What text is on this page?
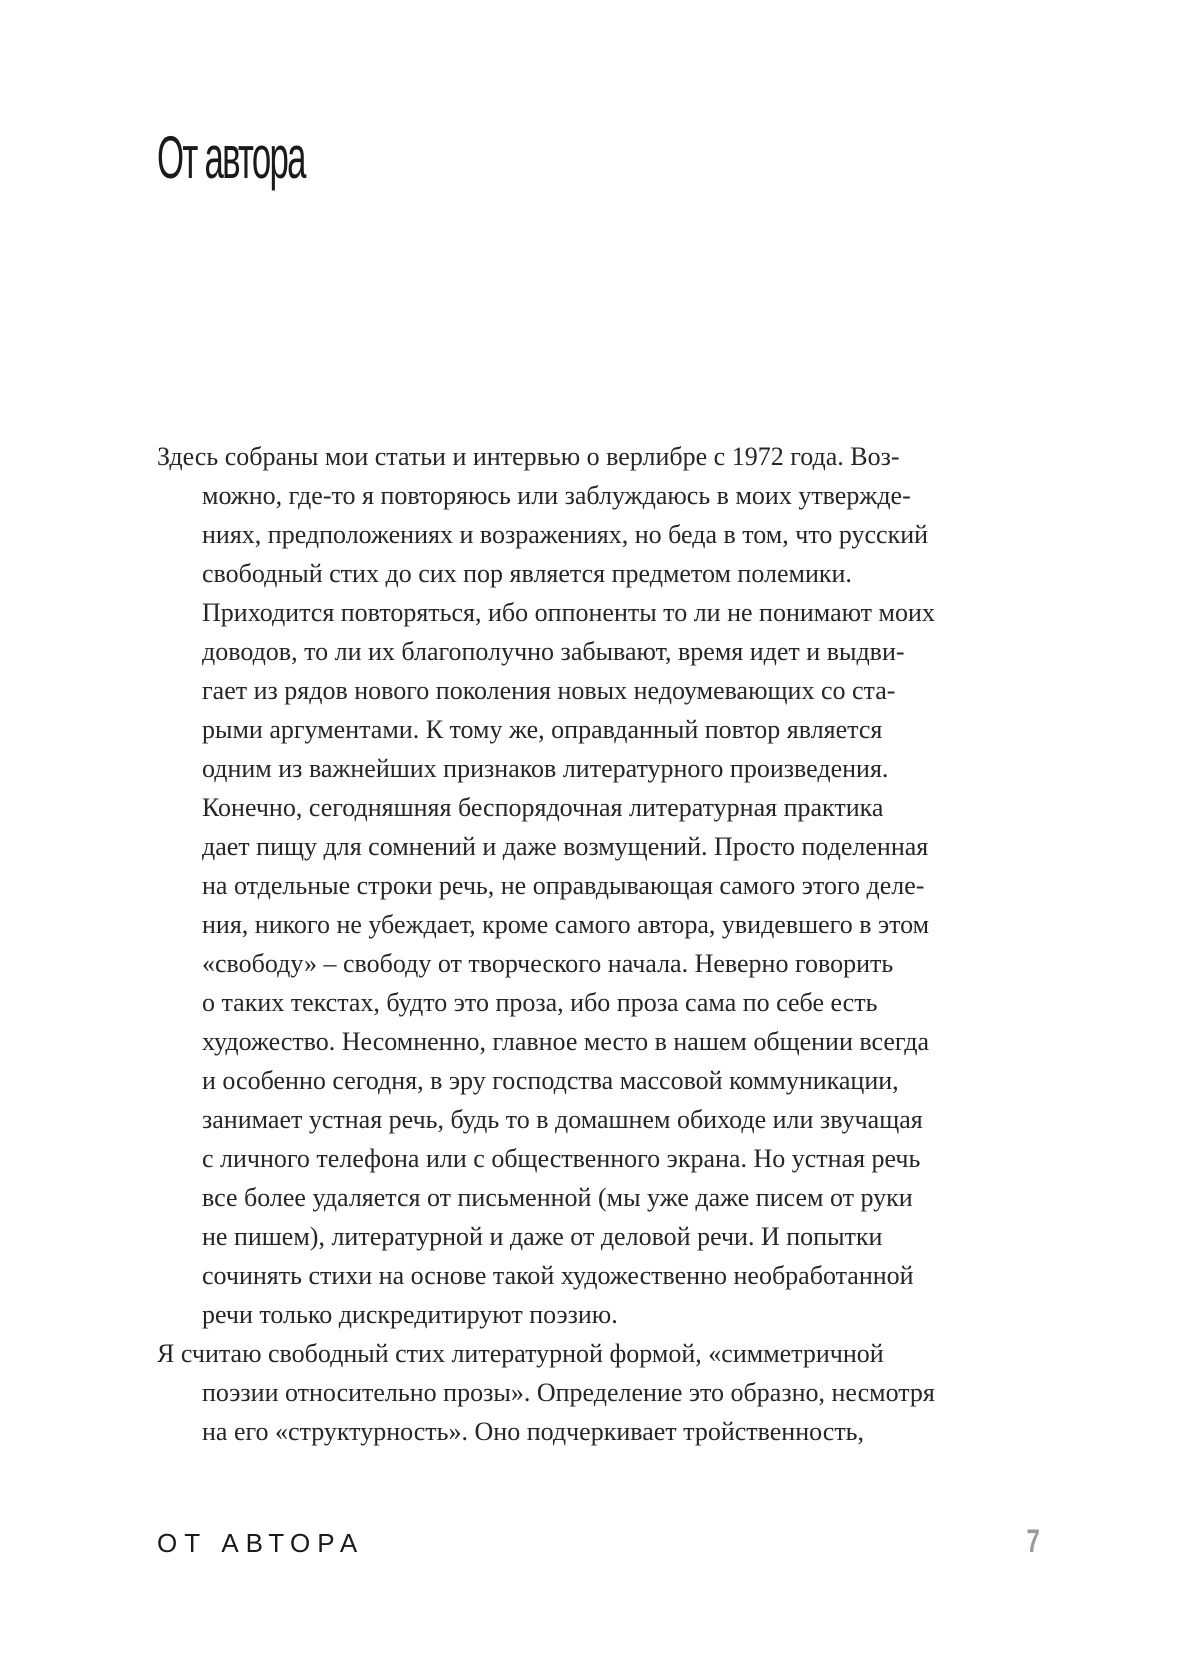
От автора

Здесь собраны мои статьи и интервью о верлибре с 1972 года. Воз-
можно, где-то я повторяюсь или заблуждаюсь в моих утвержде-
ниях, предположениях и возражениях, но беда в том, что русский
свободный стих до сих пор является предметом полемики.
Приходится повторяться, ибо оппоненты то ли не понимают моих
доводов, то ли их благополучно забывают, время идет и выдви-
гает из рядов нового поколения новых недоумевающих со ста-
рыми аргументами. К тому же, оправданный повтор является
одним из важнейших признаков литературного произведения.
Конечно, сегодняшняя беспорядочная литературная практика
дает пищу для сомнений и даже возмущений. Просто поделенная
на отдельные строки речь, не оправдывающая самого этого деле-
ния, никого не убеждает, кроме самого автора, увидевшего в этом
«свободу» – свободу от творческого начала. Неверно говорить
о таких текстах, будто это проза, ибо проза сама по себе есть
художество. Несомненно, главное место в нашем общении всегда
и особенно сегодня, в эру господства массовой коммуникации,
занимает устная речь, будь то в домашнем обиходе или звучащая
с личного телефона или с общественного экрана. Но устная речь
все более удаляется от письменной (мы уже даже писем от руки
не пишем), литературной и даже от деловой речи. И попытки
сочинять стихи на основе такой художественно необработанной
речи только дискредитируют поэзию.

Я считаю свободный стих литературной формой, «симметричной
поэзии относительно прозы». Определение это образно, несмотря
на его «структурность». Оно подчеркивает тройственность,

ОТ АВТОРА	7
